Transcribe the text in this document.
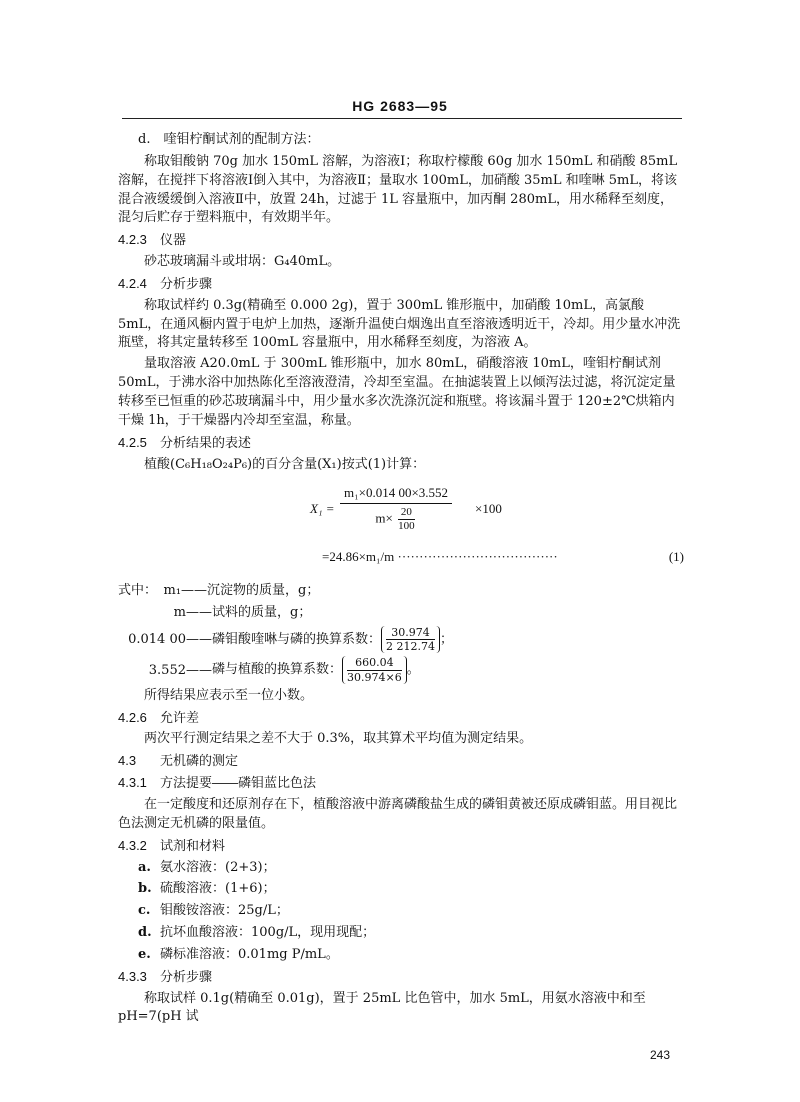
HG 2683—95

d.　喹钼柠酮试剂的配制方法：

称取钼酸钠 70g 加水 150mL 溶解，为溶液Ⅰ；称取柠檬酸 60g 加水 150mL 和硝酸 85mL 溶解，在搅拌下将溶液Ⅰ倒入其中，为溶液Ⅱ；量取水 100mL，加硝酸 35mL 和喹啉 5mL，将该混合液缓缓倒入溶液Ⅱ中，放置 24h，过滤于 1L 容量瓶中，加丙酮 280mL，用水稀释至刻度，混匀后贮存于塑料瓶中，有效期半年。

4.2.3 仪器

砂芯玻璃漏斗或坩埚：G₄40mL。

4.2.4 分析步骤

称取试样约 0.3g(精确至 0.000 2g)，置于 300mL 锥形瓶中，加硝酸 10mL，高氯酸 5mL，在通风橱内置于电炉上加热，逐渐升温使白烟逸出直至溶液透明近干，冷却。用少量水冲洗瓶壁，将其定量转移至 100mL 容量瓶中，用水稀释至刻度，为溶液 A。

量取溶液 A20.0mL 于 300mL 锥形瓶中，加水 80mL，硝酸溶液 10mL，喹钼柠酮试剂 50mL，于沸水浴中加热陈化至溶液澄清，冷却至室温。在抽滤装置上以倾泻法过滤，将沉淀定量转移至已恒重的砂芯玻璃漏斗中，用少量水多次洗涤沉淀和瓶壁。将该漏斗置于 120±2℃烘箱内干燥 1h，于干燥器内冷却至室温，称量。

4.2.5 分析结果的表述

植酸(C₆H₁₈O₂₄P₆)的百分含量(X₁)按式(1)计算：

$X_1 = \frac{\text{m₁×0.014 00×3.552}}{m\times \frac{20}{100}} \times 100$
=24.86×m₁/m ·····································	(1)

式中：　m₁——沉淀物的质量，g；

m——试料的质量，g；

0.014 00——磷钼酸喹啉与磷的换算系数： $\frac{30.974}{2 212.74}$ ；

3.552——磷与植酸的换算系数： $\frac{660.04}{30.974\times 6}$ 。

所得结果应表示至一位小数。

4.2.6 允许差

两次平行测定结果之差不大于 0.3%，取其算术平均值为测定结果。

4.3 无机磷的测定

4.3.1 方法提要——磷钼蓝比色法

在一定酸度和还原剂存在下，植酸溶液中游离磷酸盐生成的磷钼黄被还原成磷钼蓝。用目视比色法测定无机磷的限量值。

4.3.2 试剂和材料

a. 氨水溶液：(2+3)；

b. 硫酸溶液：(1+6)；

c. 钼酸铵溶液：25g/L；

d. 抗坏血酸溶液：100g/L，现用现配；

e. 磷标准溶液：0.01mg P/mL。

4.3.3 分析步骤

称取试样 0.1g(精确至 0.01g)，置于 25mL 比色管中，加水 5mL，用氨水溶液中和至 pH=7(pH 试

243
